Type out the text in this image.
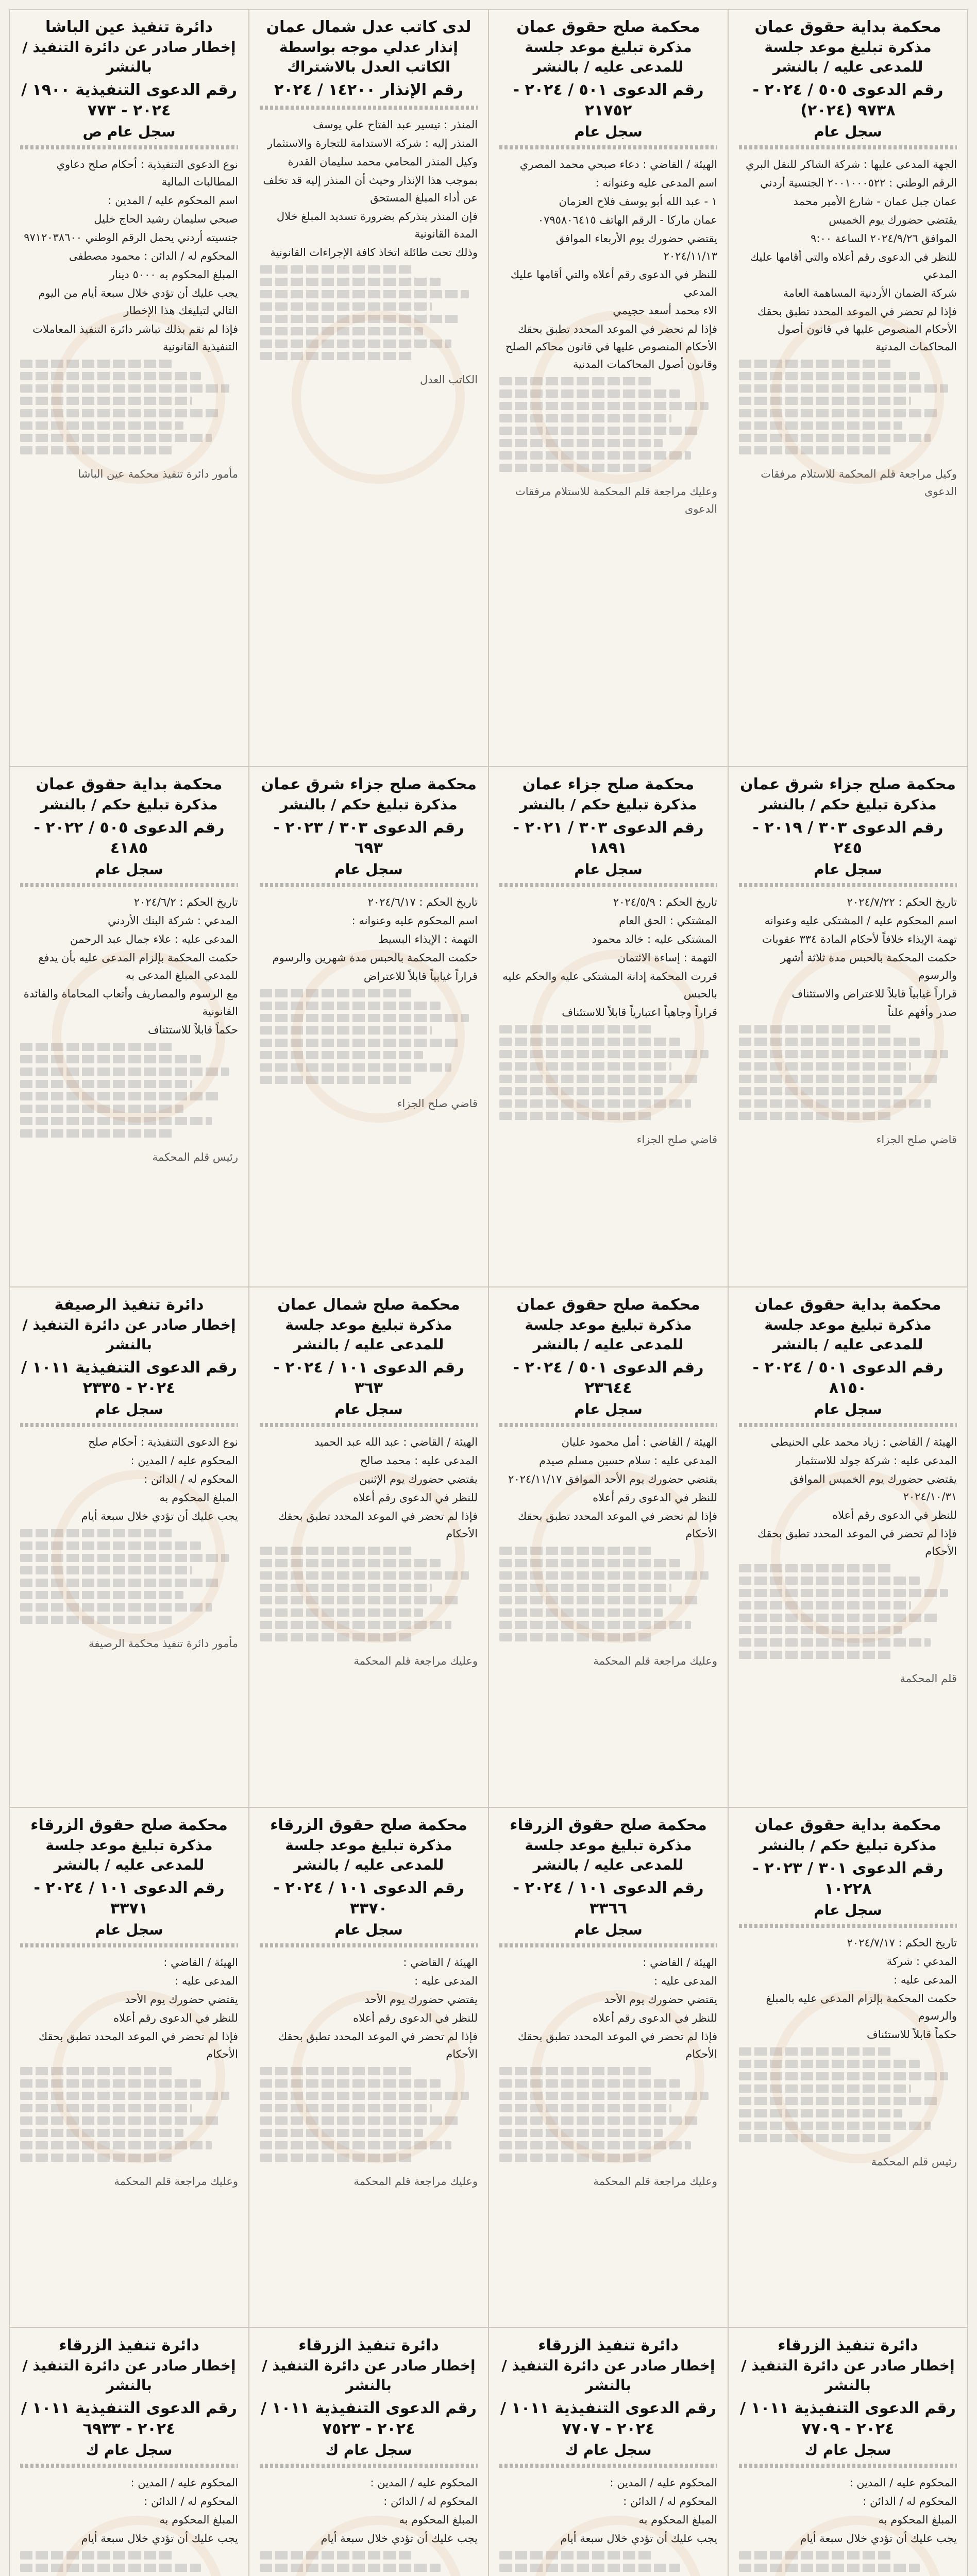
دائرة تنفيذ عين الباشا
إخطار صادر عن دائرة التنفيذ / بالنشر
رقم الدعوى التنفيذية ١٩٠٠ / ٢٠٢٤ - ٧٧٣
سجل عام ص

نوع الدعوى التنفيذية : أحكام صلح دعاوي المطالبات المالية

اسم المحكوم عليه / المدين :

صبحي سليمان رشيد الحاج خليل

جنسيته أردني يحمل الرقم الوطني ٩٧١٢٠٣٨٦٠٠

المحكوم له / الدائن : محمود مصطفى

المبلغ المحكوم به ٥٠٠٠ دينار

يجب عليك أن تؤدي خلال سبعة أيام من اليوم التالي لتبليغك هذا الإخطار

فإذا لم تقم بذلك تباشر دائرة التنفيذ المعاملات التنفيذية القانونية

مأمور دائرة تنفيذ محكمة عين الباشا

لدى كاتب عدل شمال عمان
إنذار عدلي موجه بواسطة الكاتب العدل بالاشتراك
رقم الإنذار ١٤٢٠٠ / ٢٠٢٤

المنذر : تيسير عبد الفتاح علي يوسف

المنذر إليه : شركة الاستدامة للتجارة والاستثمار

وكيل المنذر المحامي محمد سليمان القدرة

بموجب هذا الإنذار وحيث أن المنذر إليه قد تخلف عن أداء المبلغ المستحق

فإن المنذر ينذركم بضرورة تسديد المبلغ خلال المدة القانونية

وذلك تحت طائلة اتخاذ كافة الإجراءات القانونية

الكاتب العدل

محكمة صلح حقوق عمان
مذكرة تبليغ موعد جلسة للمدعى عليه / بالنشر
رقم الدعوى ٥٠١ / ٢٠٢٤ - ٢١٧٥٢
سجل عام

الهيئة / القاضي : دعاء صبحي محمد المصري

اسم المدعى عليه وعنوانه :

١ - عبد الله أبو يوسف فلاح العزمان

عمان ماركا - الرقم الهاتف ٠٧٩٥٨٠٦٤١٥

يقتضي حضورك يوم الأربعاء الموافق ٢٠٢٤/١١/١٣

للنظر في الدعوى رقم أعلاه والتي أقامها عليك المدعي

الاء محمد أسعد حجيمي

فإذا لم تحضر في الموعد المحدد تطبق بحقك الأحكام المنصوص عليها في قانون محاكم الصلح وقانون أصول المحاكمات المدنية

وعليك مراجعة قلم المحكمة للاستلام مرفقات الدعوى

محكمة بداية حقوق عمان
مذكرة تبليغ موعد جلسة للمدعى عليه / بالنشر
رقم الدعوى ٥٠٥ / ٢٠٢٤ - ٩٧٣٨ (٢٠٢٤)
سجل عام

الجهة المدعى عليها : شركة الشاكر للنقل البري

الرقم الوطني : ٢٠٠١٠٠٠٥٢٢ الجنسية أردني

عمان جبل عمان - شارع الأمير محمد

يقتضي حضورك يوم الخميس

الموافق ٢٠٢٤/٩/٢٦ الساعة ٩:٠٠

للنظر في الدعوى رقم أعلاه والتي أقامها عليك المدعي

شركة الضمان الأردنية المساهمة العامة

فإذا لم تحضر في الموعد المحدد تطبق بحقك الأحكام المنصوص عليها في قانون أصول المحاكمات المدنية

وكيل مراجعة قلم المحكمة للاستلام مرفقات الدعوى

محكمة بداية حقوق عمان
مذكرة تبليغ حكم / بالنشر
رقم الدعوى ٥٠٥ / ٢٠٢٢ - ٤١٨٥
سجل عام

تاريخ الحكم : ٢٠٢٤/٦/٢

المدعي : شركة البنك الأردني

المدعى عليه : علاء جمال عبد الرحمن

حكمت المحكمة بإلزام المدعى عليه بأن يدفع للمدعي المبلغ المدعى به

مع الرسوم والمصاريف وأتعاب المحاماة والفائدة القانونية

حكماً قابلاً للاستئناف

رئيس قلم المحكمة

محكمة صلح جزاء شرق عمان
مذكرة تبليغ حكم / بالنشر
رقم الدعوى ٣٠٣ / ٢٠٢٣ - ٦٩٣
سجل عام

تاريخ الحكم : ٢٠٢٤/٦/١٧

اسم المحكوم عليه وعنوانه :

التهمة : الإيذاء البسيط

حكمت المحكمة بالحبس مدة شهرين والرسوم

قراراً غيابياً قابلاً للاعتراض

قاضي صلح الجزاء

محكمة صلح جزاء عمان
مذكرة تبليغ حكم / بالنشر
رقم الدعوى ٣٠٣ / ٢٠٢١ - ١٨٩١
سجل عام

تاريخ الحكم : ٢٠٢٤/٥/٩

المشتكي : الحق العام

المشتكى عليه : خالد محمود

التهمة : إساءة الائتمان

قررت المحكمة إدانة المشتكى عليه والحكم عليه بالحبس

قراراً وجاهياً اعتبارياً قابلاً للاستئناف

قاضي صلح الجزاء

محكمة صلح جزاء شرق عمان
مذكرة تبليغ حكم / بالنشر
رقم الدعوى ٣٠٣ / ٢٠١٩ - ٢٤٥
سجل عام

تاريخ الحكم : ٢٠٢٤/٧/٢٢

اسم المحكوم عليه / المشتكى عليه وعنوانه

تهمة الإيذاء خلافاً لأحكام المادة ٣٣٤ عقوبات

حكمت المحكمة بالحبس مدة ثلاثة أشهر والرسوم

قراراً غيابياً قابلاً للاعتراض والاستئناف

صدر وأفهم علناً

قاضي صلح الجزاء

دائرة تنفيذ الرصيفة
إخطار صادر عن دائرة التنفيذ / بالنشر
رقم الدعوى التنفيذية ١٠١١ / ٢٠٢٤ - ٢٣٣٥
سجل عام

نوع الدعوى التنفيذية : أحكام صلح

المحكوم عليه / المدين :

المحكوم له / الدائن :

المبلغ المحكوم به

يجب عليك أن تؤدي خلال سبعة أيام

مأمور دائرة تنفيذ محكمة الرصيفة

محكمة صلح شمال عمان
مذكرة تبليغ موعد جلسة للمدعى عليه / بالنشر
رقم الدعوى ١٠١ / ٢٠٢٤ - ٣٦٣
سجل عام

الهيئة / القاضي : عبد الله عبد الحميد

المدعى عليه : محمد صالح

يقتضي حضورك يوم الإثنين

للنظر في الدعوى رقم أعلاه

فإذا لم تحضر في الموعد المحدد تطبق بحقك الأحكام

وعليك مراجعة قلم المحكمة

محكمة صلح حقوق عمان
مذكرة تبليغ موعد جلسة للمدعى عليه / بالنشر
رقم الدعوى ٥٠١ / ٢٠٢٤ - ٢٣٦٤٤
سجل عام

الهيئة / القاضي : أمل محمود عليان

المدعى عليه : سلام حسين مسلم صيدم

يقتضي حضورك يوم الأحد الموافق ٢٠٢٤/١١/١٧

للنظر في الدعوى رقم أعلاه

فإذا لم تحضر في الموعد المحدد تطبق بحقك الأحكام

وعليك مراجعة قلم المحكمة

محكمة بداية حقوق عمان
مذكرة تبليغ موعد جلسة للمدعى عليه / بالنشر
رقم الدعوى ٥٠١ / ٢٠٢٤ - ٨١٥٠
سجل عام

الهيئة / القاضي : زياد محمد علي الحنيطي

المدعى عليه : شركة جولد للاستثمار

يقتضي حضورك يوم الخميس الموافق ٢٠٢٤/١٠/٣١

للنظر في الدعوى رقم أعلاه

فإذا لم تحضر في الموعد المحدد تطبق بحقك الأحكام

قلم المحكمة

محكمة صلح حقوق الزرقاء
مذكرة تبليغ موعد جلسة للمدعى عليه / بالنشر
رقم الدعوى ١٠١ / ٢٠٢٤ - ٣٣٧١
سجل عام

الهيئة / القاضي :

المدعى عليه :

يقتضي حضورك يوم الأحد

للنظر في الدعوى رقم أعلاه

فإذا لم تحضر في الموعد المحدد تطبق بحقك الأحكام

وعليك مراجعة قلم المحكمة

محكمة صلح حقوق الزرقاء
مذكرة تبليغ موعد جلسة للمدعى عليه / بالنشر
رقم الدعوى ١٠١ / ٢٠٢٤ - ٣٣٧٠
سجل عام

الهيئة / القاضي :

المدعى عليه :

يقتضي حضورك يوم الأحد

للنظر في الدعوى رقم أعلاه

فإذا لم تحضر في الموعد المحدد تطبق بحقك الأحكام

وعليك مراجعة قلم المحكمة

محكمة صلح حقوق الزرقاء
مذكرة تبليغ موعد جلسة للمدعى عليه / بالنشر
رقم الدعوى ١٠١ / ٢٠٢٤ - ٣٣٦٦
سجل عام

الهيئة / القاضي :

المدعى عليه :

يقتضي حضورك يوم الأحد

للنظر في الدعوى رقم أعلاه

فإذا لم تحضر في الموعد المحدد تطبق بحقك الأحكام

وعليك مراجعة قلم المحكمة

محكمة بداية حقوق عمان
مذكرة تبليغ حكم / بالنشر
رقم الدعوى ٣٠١ / ٢٠٢٣ - ١٠٢٢٨
سجل عام

تاريخ الحكم : ٢٠٢٤/٧/١٧

المدعي : شركة

المدعى عليه :

حكمت المحكمة بإلزام المدعى عليه بالمبلغ والرسوم

حكماً قابلاً للاستئناف

رئيس قلم المحكمة

دائرة تنفيذ الزرقاء
إخطار صادر عن دائرة التنفيذ / بالنشر
رقم الدعوى التنفيذية ١٠١١ / ٢٠٢٤ - ٦٩٣٣
سجل عام ك

المحكوم عليه / المدين :

المحكوم له / الدائن :

المبلغ المحكوم به

يجب عليك أن تؤدي خلال سبعة أيام

دائرة تنفيذ الزرقاء
إخطار صادر عن دائرة التنفيذ / بالنشر
رقم الدعوى التنفيذية ١٠١١ / ٢٠٢٤ - ٧٥٢٣
سجل عام ك

المحكوم عليه / المدين :

المحكوم له / الدائن :

المبلغ المحكوم به

يجب عليك أن تؤدي خلال سبعة أيام

دائرة تنفيذ الزرقاء
إخطار صادر عن دائرة التنفيذ / بالنشر
رقم الدعوى التنفيذية ١٠١١ / ٢٠٢٤ - ٧٧٠٧
سجل عام ك

المحكوم عليه / المدين :

المحكوم له / الدائن :

المبلغ المحكوم به

يجب عليك أن تؤدي خلال سبعة أيام

دائرة تنفيذ الزرقاء
إخطار صادر عن دائرة التنفيذ / بالنشر
رقم الدعوى التنفيذية ١٠١١ / ٢٠٢٤ - ٧٧٠٩
سجل عام ك

المحكوم عليه / المدين :

المحكوم له / الدائن :

المبلغ المحكوم به

يجب عليك أن تؤدي خلال سبعة أيام
